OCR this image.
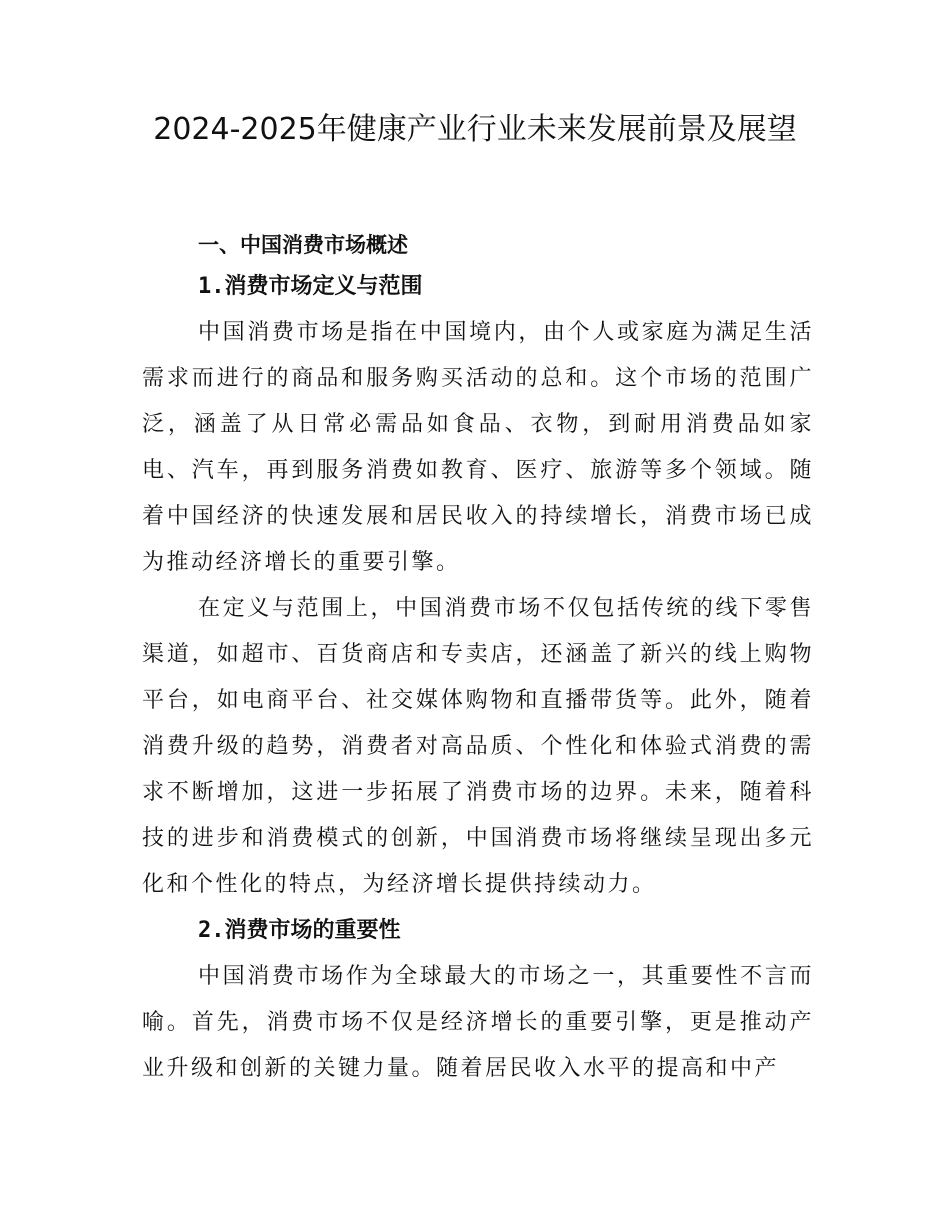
2024-2025年健康产业行业未来发展前景及展望
一、中国消费市场概述
1.消费市场定义与范围

中国消费市场是指在中国境内，由个人或家庭为满足生活需求而进行的商品和服务购买活动的总和。这个市场的范围广泛，涵盖了从日常必需品如食品、衣物，到耐用消费品如家电、汽车，再到服务消费如教育、医疗、旅游等多个领域。随着中国经济的快速发展和居民收入的持续增长，消费市场已成为推动经济增长的重要引擎。

在定义与范围上，中国消费市场不仅包括传统的线下零售渠道，如超市、百货商店和专卖店，还涵盖了新兴的线上购物平台，如电商平台、社交媒体购物和直播带货等。此外，随着消费升级的趋势，消费者对高品质、个性化和体验式消费的需求不断增加，这进一步拓展了消费市场的边界。未来，随着科技的进步和消费模式的创新，中国消费市场将继续呈现出多元化和个性化的特点，为经济增长提供持续动力。

2.消费市场的重要性

中国消费市场作为全球最大的市场之一，其重要性不言而喻。首先，消费市场不仅是经济增长的重要引擎，更是推动产业升级和创新的关键力量。随着居民收入水平的提高和中产
